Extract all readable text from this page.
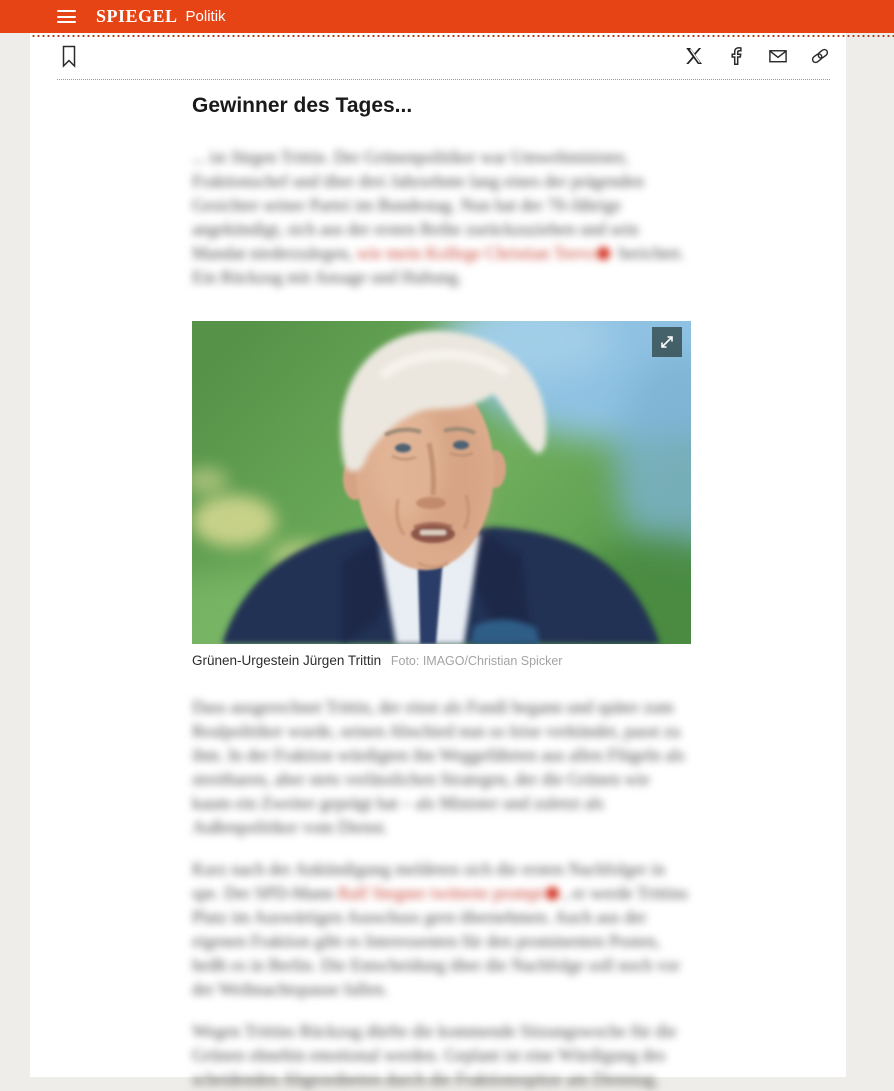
SPIEGEL Politik
Gewinner des Tages...

... ist Jürgen Trittin. Der Grünenpolitiker war Umweltminister, Fraktionschef und über drei Jahrzehnte lang eines der prägenden Gesichter seiner Partei im Bundestag. Nun hat der 70-Jährige angekündigt, sich aus der ersten Reihe zurückzuziehen und sein Mandat niederzulegen, wie mein Kollege Christian Teevs berichtet. Ein Rückzug mit Ansage und Haltung.

Grünen-Urgestein Jürgen Trittin Foto: IMAGO/Christian Spicker

Dass ausgerechnet Trittin, der einst als Fundi begann und später zum Realpolitiker wurde, seinen Abschied nun so leise verkündet, passt zu ihm. In der Fraktion würdigten ihn Weggefährten aus allen Flügeln als streitbaren, aber stets verlässlichen Strategen, der die Grünen wie kaum ein Zweiter geprägt hat – als Minister und zuletzt als Außenpolitiker vom Dienst.

Kurz nach der Ankündigung meldeten sich die ersten Nachfolger in spe. Der SPD-Mann Ralf Stegner twitterte prompt , er werde Trittins Platz im Auswärtigen Ausschuss gern übernehmen. Auch aus der eigenen Fraktion gibt es Interessenten für den prominenten Posten, heißt es in Berlin. Die Entscheidung über die Nachfolge soll noch vor der Weihnachtspause fallen.

Wegen Trittins Rückzug dürfte die kommende Sitzungswoche für die Grünen ohnehin emotional werden. Geplant ist eine Würdigung des scheidenden Abgeordneten durch die Fraktionsspitze am Dienstag.
